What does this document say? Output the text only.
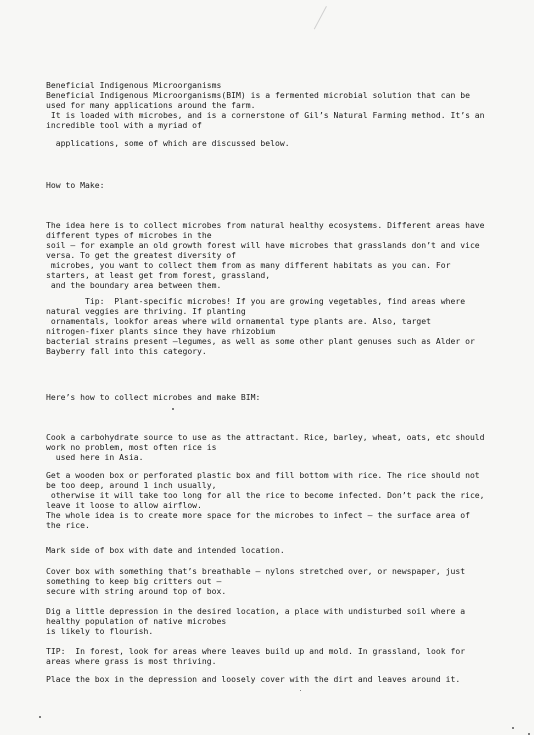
Beneficial Indigenous Microorganisms
Beneficial Indigenous Microorganisms(BIM) is a fermented microbial solution that can be
used for many applications around the farm.
It is loaded with microbes, and is a cornerstone of Gil’s Natural Farming method. It’s an
incredible tool with a myriad of
applications, some of which are discussed below.
How to Make:
The idea here is to collect microbes from natural healthy ecosystems. Different areas have
different types of microbes in the
soil – for example an old growth forest will have microbes that grasslands don’t and vice
versa. To get the greatest diversity of
microbes, you want to collect them from as many different habitats as you can. For
starters, at least get from forest, grassland,
and the boundary area between them.
Tip:  Plant-specific microbes! If you are growing vegetables, find areas where
natural veggies are thriving. If planting
ornamentals, lookfor areas where wild ornamental type plants are. Also, target
nitrogen-fixer plants since they have rhizobium
bacterial strains present –legumes, as well as some other plant genuses such as Alder or
Bayberry fall into this category.
Here’s how to collect microbes and make BIM:
Cook a carbohydrate source to use as the attractant. Rice, barley, wheat, oats, etc should
work no problem, most often rice is
used here in Asia.
Get a wooden box or perforated plastic box and fill bottom with rice. The rice should not
be too deep, around 1 inch usually,
otherwise it will take too long for all the rice to become infected. Don’t pack the rice,
leave it loose to allow airflow.
The whole idea is to create more space for the microbes to infect – the surface area of
the rice.
Mark side of box with date and intended location.
Cover box with something that’s breathable – nylons stretched over, or newspaper, just
something to keep big critters out –
secure with string around top of box.
Dig a little depression in the desired location, a place with undisturbed soil where a
healthy population of native microbes
is likely to flourish.
TIP:  In forest, look for areas where leaves build up and mold. In grassland, look for
areas where grass is most thriving.
Place the box in the depression and loosely cover with the dirt and leaves around it.
